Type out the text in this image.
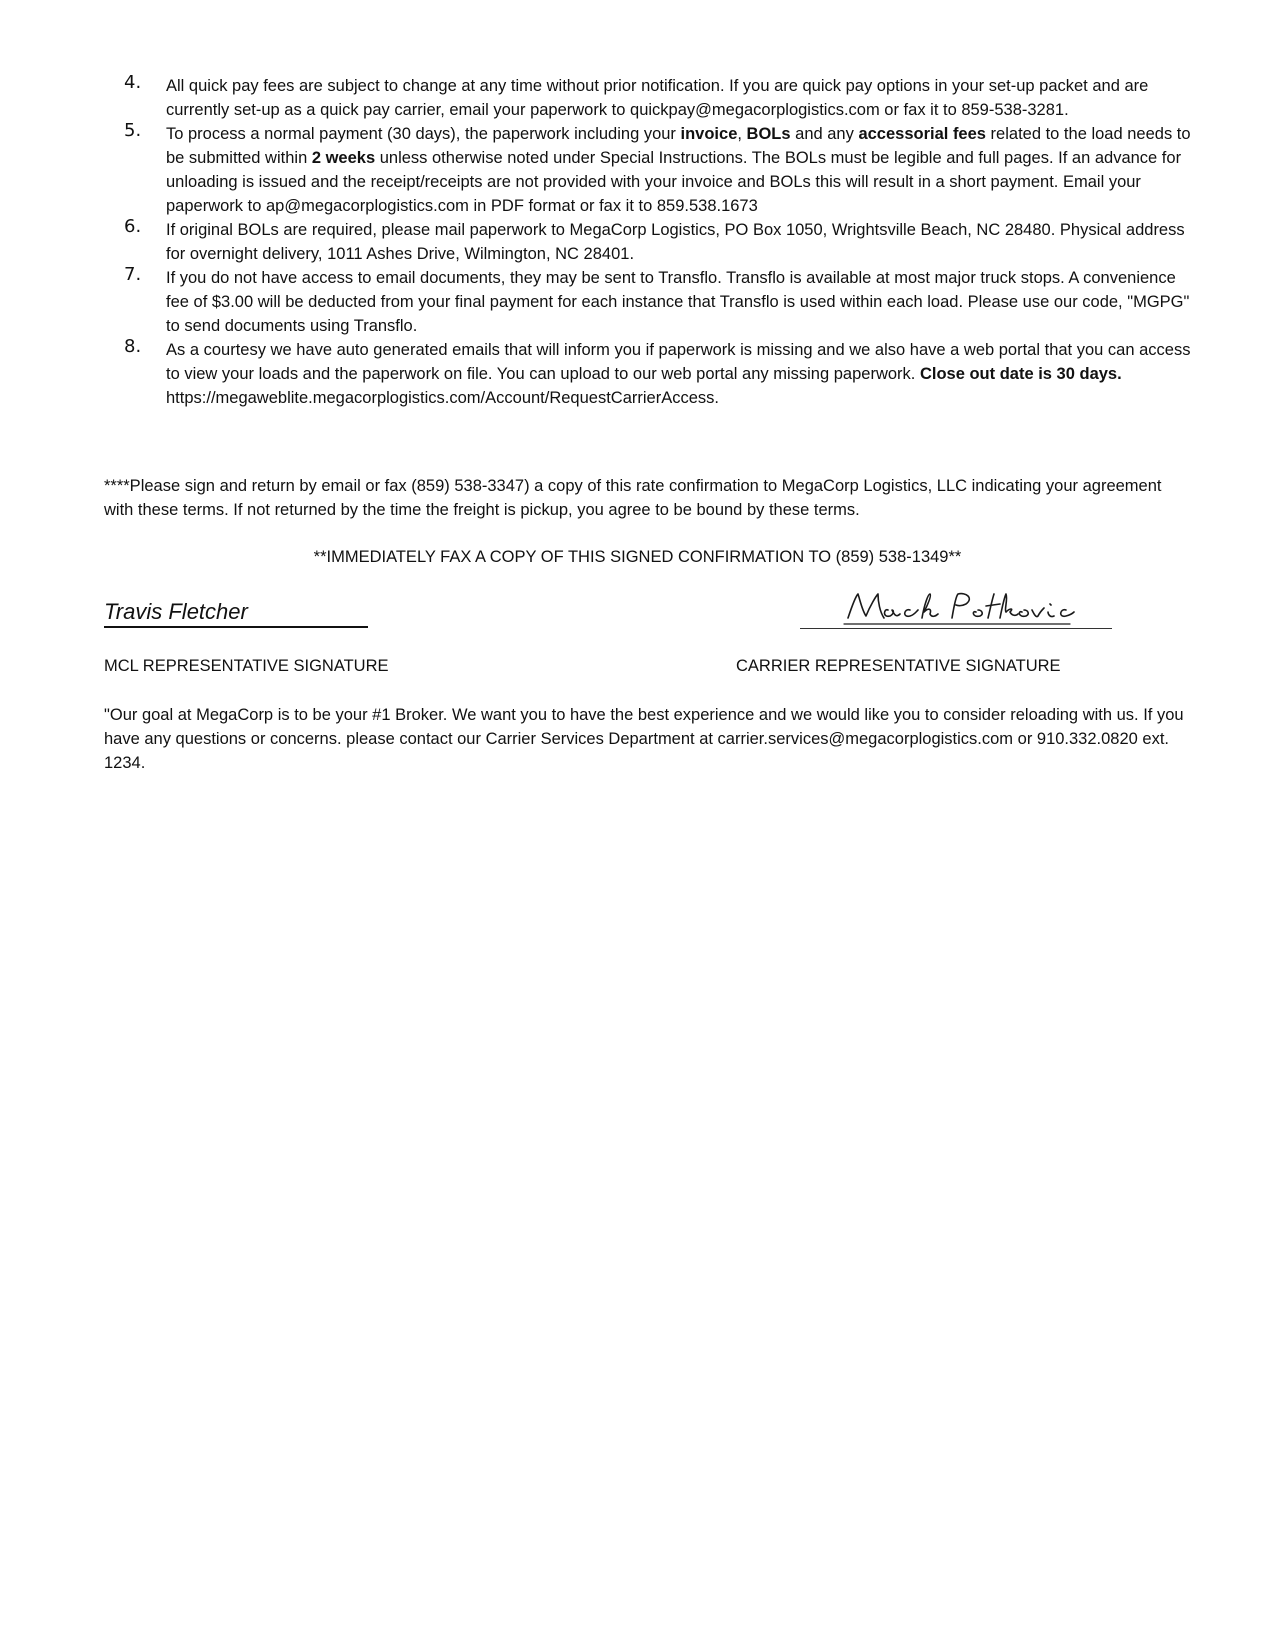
4. All quick pay fees are subject to change at any time without prior notification. If you are quick pay options in your set-up packet and are currently set-up as a quick pay carrier, email your paperwork to quickpay@megacorplogistics.com or fax it to 859-538-3281.
5. To process a normal payment (30 days), the paperwork including your invoice, BOLs and any accessorial fees related to the load needs to be submitted within 2 weeks unless otherwise noted under Special Instructions. The BOLs must be legible and full pages. If an advance for unloading is issued and the receipt/receipts are not provided with your invoice and BOLs this will result in a short payment. Email your paperwork to ap@megacorplogistics.com in PDF format or fax it to 859.538.1673
6. If original BOLs are required, please mail paperwork to MegaCorp Logistics, PO Box 1050, Wrightsville Beach, NC 28480. Physical address for overnight delivery, 1011 Ashes Drive, Wilmington, NC 28401.
7. If you do not have access to email documents, they may be sent to Transflo. Transflo is available at most major truck stops. A convenience fee of $3.00 will be deducted from your final payment for each instance that Transflo is used within each load. Please use our code, "MGPG" to send documents using Transflo.
8. As a courtesy we have auto generated emails that will inform you if paperwork is missing and we also have a web portal that you can access to view your loads and the paperwork on file. You can upload to our web portal any missing paperwork. Close out date is 30 days. https://megaweblite.megacorplogistics.com/Account/RequestCarrierAccess.

****Please sign and return by email or fax (859) 538-3347) a copy of this rate confirmation to MegaCorp Logistics, LLC indicating your agreement with these terms. If not returned by the time the freight is pickup, you agree to be bound by these terms.

**IMMEDIATELY FAX A COPY OF THIS SIGNED CONFIRMATION TO (859) 538-1349**

Travis Fletcher

MCL REPRESENTATIVE SIGNATURE	CARRIER REPRESENTATIVE SIGNATURE

"Our goal at MegaCorp is to be your #1 Broker. We want you to have the best experience and we would like you to consider reloading with us. If you have any questions or concerns. please contact our Carrier Services Department at carrier.services@megacorplogistics.com or 910.332.0820 ext. 1234.
